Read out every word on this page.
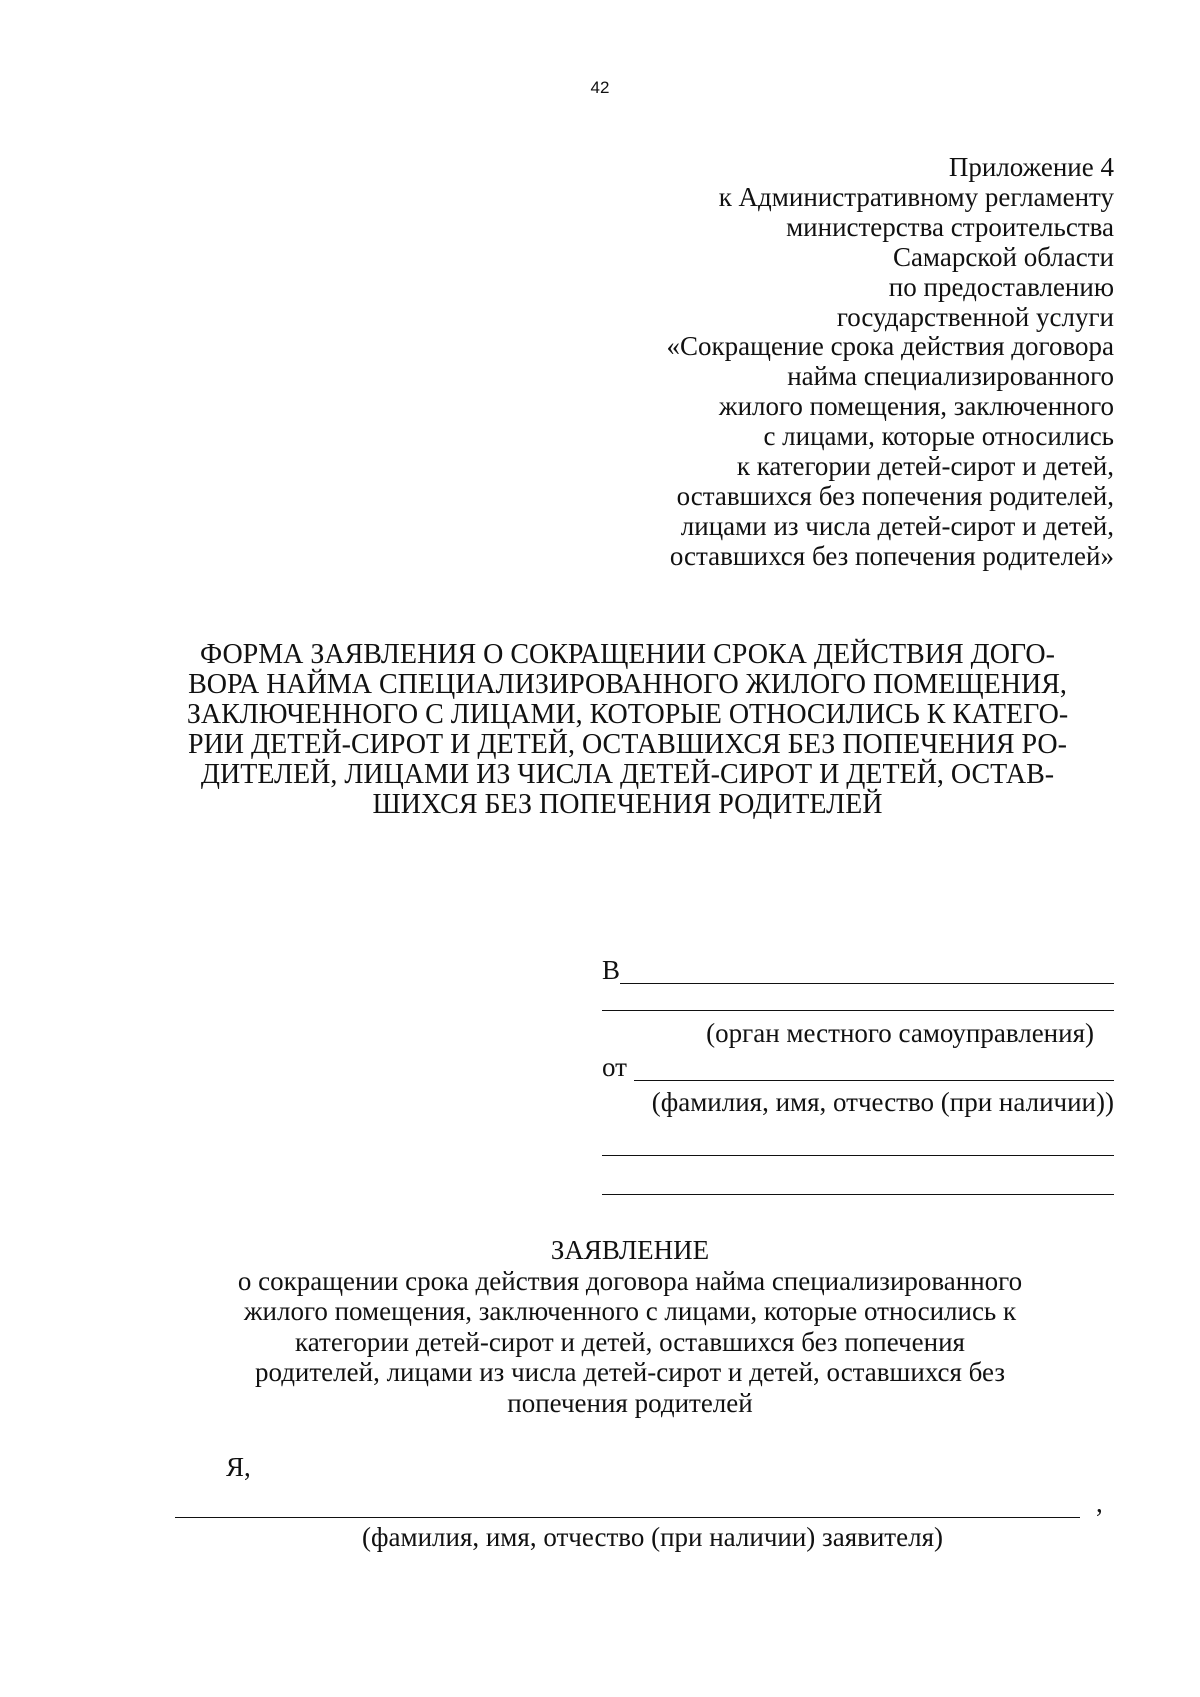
42
Приложение 4
к Административному регламенту
министерства строительства
Самарской области
по предоставлению
государственной услуги
«Сокращение срока действия договора
найма специализированного
жилого помещения, заключенного
с лицами, которые относились
к категории детей-сирот и детей,
оставшихся без попечения родителей,
лицами из числа детей-сирот и детей,
оставшихся без попечения родителей»
ФОРМА ЗАЯВЛЕНИЯ О СОКРАЩЕНИИ СРОКА ДЕЙСТВИЯ ДОГО-
ВОРА НАЙМА СПЕЦИАЛИЗИРОВАННОГО ЖИЛОГО ПОМЕЩЕНИЯ,
ЗАКЛЮЧЕННОГО С ЛИЦАМИ, КОТОРЫЕ ОТНОСИЛИСЬ К КАТЕГО-
РИИ ДЕТЕЙ-СИРОТ И ДЕТЕЙ, ОСТАВШИХСЯ БЕЗ ПОПЕЧЕНИЯ РО-
ДИТЕЛЕЙ, ЛИЦАМИ ИЗ ЧИСЛА ДЕТЕЙ-СИРОТ И ДЕТЕЙ, ОСТАВ-
ШИХСЯ БЕЗ ПОПЕЧЕНИЯ РОДИТЕЛЕЙ
В
(орган местного самоуправления)
от
(фамилия, имя, отчество (при наличии))
ЗАЯВЛЕНИЕ
о сокращении срока действия договора найма специализированного
жилого помещения, заключенного с лицами, которые относились к
категории детей-сирот и детей, оставшихся без попечения
родителей, лицами из числа детей-сирот и детей, оставшихся без
попечения родителей
Я,
,
(фамилия, имя, отчество (при наличии) заявителя)
